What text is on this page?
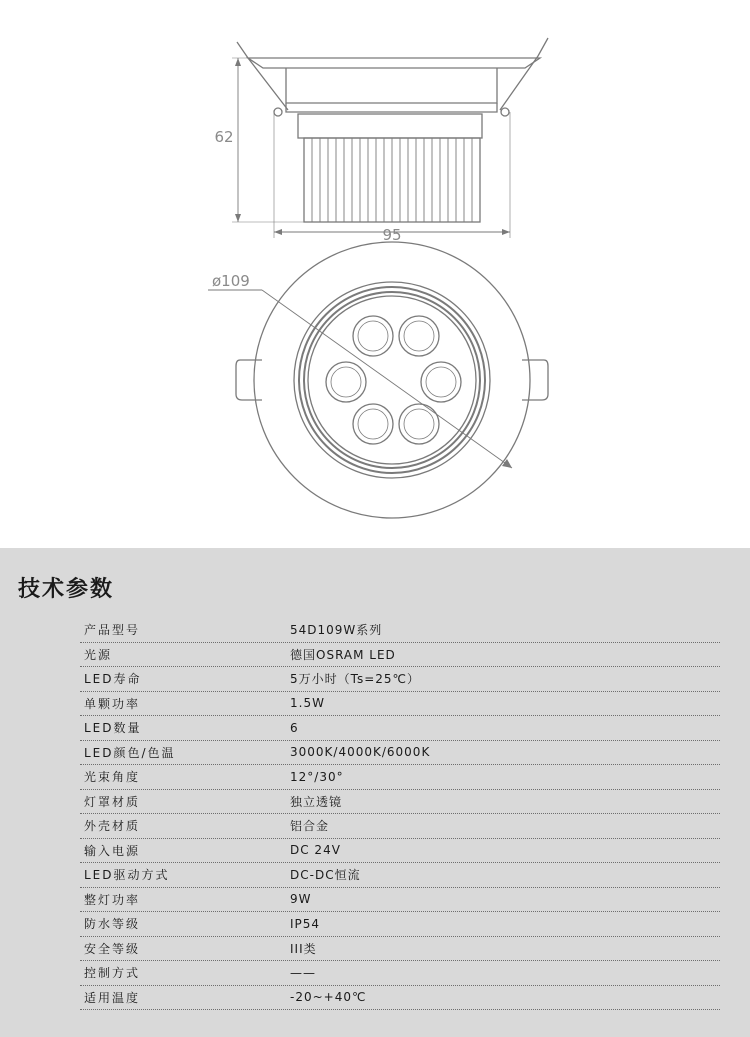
62
95
ø109
技术参数
产品型号	54D109W系列
光源	德国OSRAM LED
LED寿命	5万小时（Ts=25℃）
单颗功率	1.5W
LED数量	6
LED颜色/色温	3000K/4000K/6000K
光束角度	12°/30°
灯罩材质	独立透镜
外壳材质	铝合金
输入电源	DC 24V
LED驱动方式	DC-DC恒流
整灯功率	9W
防水等级	IP54
安全等级	III类
控制方式	——
适用温度	-20~+40℃
